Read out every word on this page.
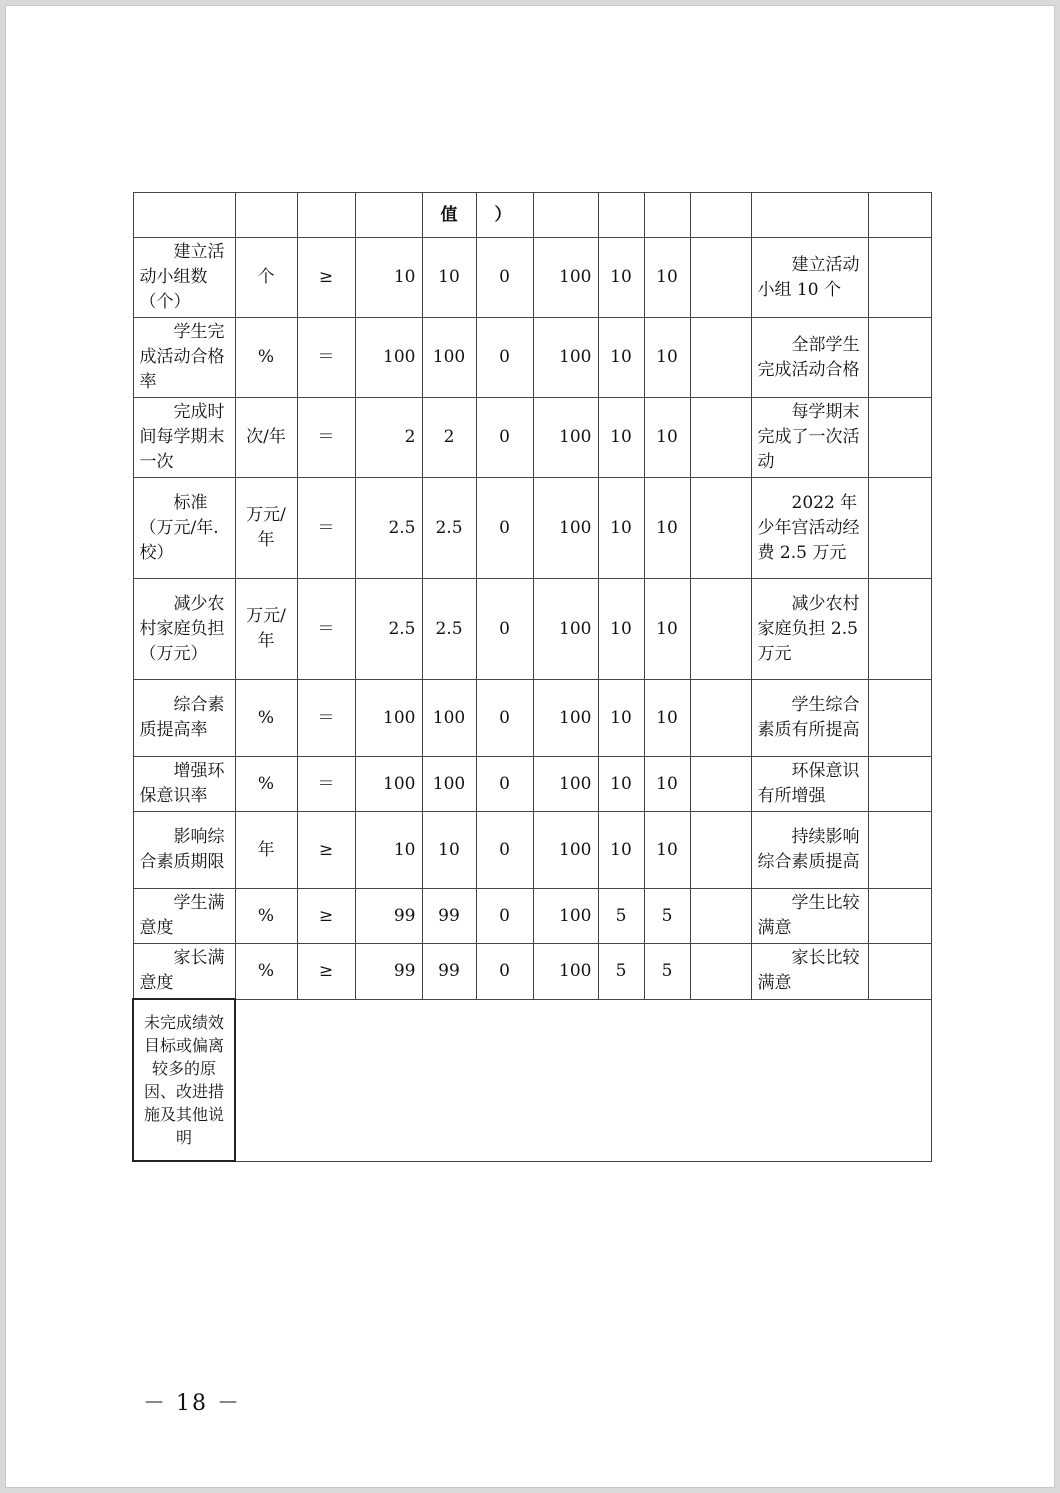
				值	）						
建立活动小组数（个）	个	≥	10	10	0	100	10	10		建立活动小组 10 个	
学生完成活动合格率	%	＝	100	100	0	100	10	10		全部学生完成活动合格	
完成时间每学期末一次	次/年	＝	2	2	0	100	10	10		每学期末完成了一次活动	
标准（万元/年.校）	万元/年	＝	2.5	2.5	0	100	10	10		2022 年少年宫活动经费 2.5 万元	
减少农村家庭负担（万元）	万元/年	＝	2.5	2.5	0	100	10	10		减少农村家庭负担 2.5 万元	
综合素质提高率	%	＝	100	100	0	100	10	10		学生综合素质有所提高	
增强环保意识率	%	＝	100	100	0	100	10	10		环保意识有所增强	
影响综合素质期限	年	≥	10	10	0	100	10	10		持续影响综合素质提高	
学生满意度	%	≥	99	99	0	100	5	5		学生比较满意	
家长满意度	%	≥	99	99	0	100	5	5		家长比较满意	
未完成绩效目标或偏离较多的原因、改进措施及其他说明											
－ 18 －
